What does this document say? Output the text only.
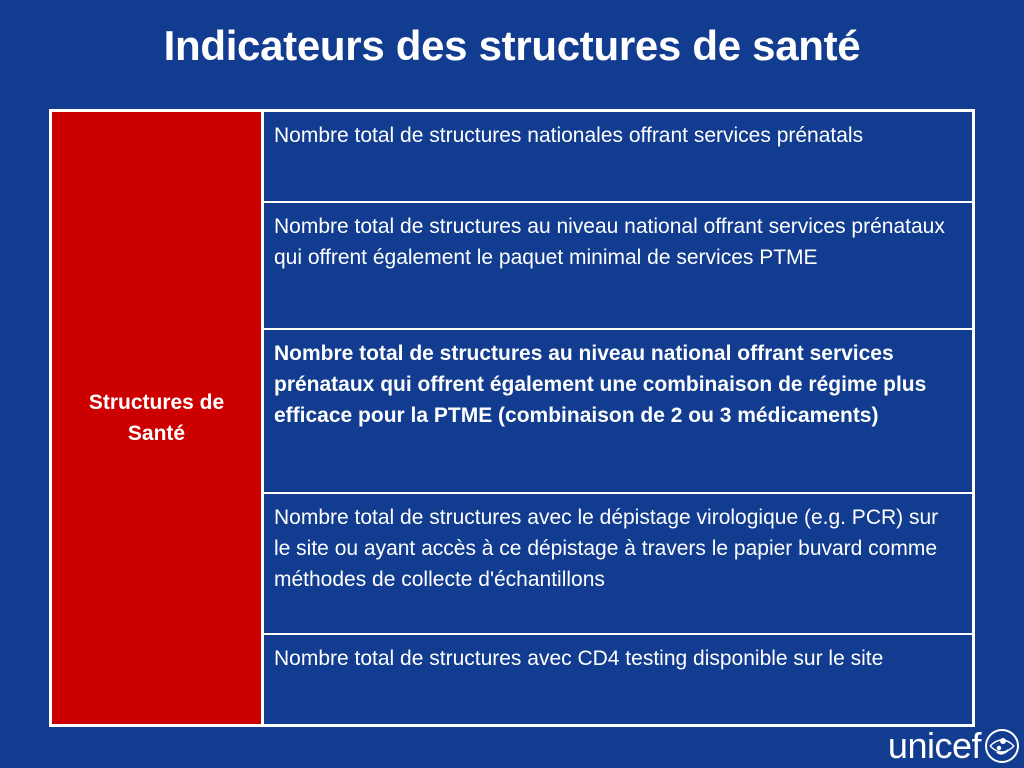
Indicateurs des structures de santé
Structures de
Santé
Nombre total de structures nationales offrant services prénatals
Nombre total de structures au niveau national offrant services prénataux qui offrent également le paquet minimal de services PTME
Nombre total de structures au niveau national offrant services prénataux qui offrent également une combinaison de régime plus efficace pour la PTME (combinaison de 2 ou 3 médicaments)
Nombre total de structures avec le dépistage virologique (e.g. PCR) sur le site ou ayant accès à ce dépistage à travers le papier buvard comme méthodes de collecte d'échantillons
Nombre total de structures avec CD4 testing disponible sur le site
unicef
